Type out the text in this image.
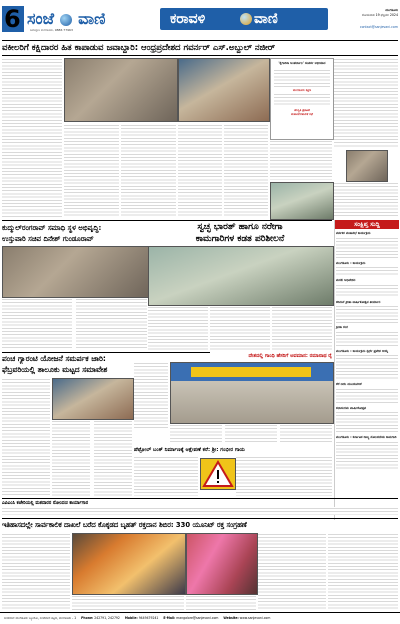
6 ಸಂಜೆ ವಾಣಿ
ಜವಾಬ್ದಾರಿ ಮಂಗಳೂರು, 9886 77963
ಕರಾವಳಿ	ವಾಣಿ
ಮಂಗಳೂರು
ಸೋಮವಾರ 19 ಫೆಬ್ರವರಿ 2024
contact@sanjevani.com
ವಕೀಲರಿಗೆ ಕಕ್ಷಿದಾರರ ಹಿತ ಕಾಪಾಡುವ ಜವಾಬ್ದಾರಿ: ಆಂಧ್ರಪ್ರದೇಶದ ಗವರ್ನರ್ ಎಸ್.ಅಬ್ದುಲ್ ನಜೀರ್
'ಕೈಗಾರಿಕಾ ಅಂತರ್ಜಾಲ' ಸಂಪರ್ಕ ಅಭಿಯಾನ
ಮಂಗಳೂರು ಶಿಕ್ಷಣ
ಪರಿಸ್ಥಿತಿ ಪ್ರಕಟಣೆ
ಮಹಾನಗರಪಾಲಿಕೆ ಸಭೆ
ಕುದ್ಮುಲ್‌ರಂಗರಾವ್ ಸಮಾಧಿ ಸ್ಥಳ ಅಭಿವೃದ್ಧಿ:
ಉಸ್ತುವಾರಿ ಸಚಿವ ದಿನೇಶ್ ಗುಂಡೂರಾವ್
ಸ್ವಚ್ಛ ಭಾರತ್ ಹಾಗೂ ನರೇಗಾ
ಕಾಮಗಾರಿಗಳ ಕಡತ ಪರಿಶೀಲನೆ
ಸಂಕ್ಷಿಪ್ತ ಸುದ್ದಿ
ವರ್ತಕರ ಮಹಾಸಭೆ ಕಾರ್ಯಕ್ರಮ
ಮಂಗಳೂರು : ಕಾರ್ಯಕ್ರಮ
ಮಳಲಿ ಅಧಿವೇಶನ
ಕರಿಮನೆ ಕ್ರೀಡಾ ವಾರ್ಷಿಕೋತ್ಸವ ತೀರ್ಮಾನ
ಕ್ರೀಡಾ ರಂಗ
ಮಂಗಳೂರು : ಕಾರ್ಯಕ್ರಮ ಸ್ಪರ್ಧೆ ಪ್ರವೇಶ ಆಯ್ಕೆ
ಕೆರೆ ನೀರು ಮುಂದುವರಿಕೆ
ಕಲಾಸಂಗಮ ವಾರ್ಷಿಕೋತ್ಸವ
ಮಂಗಳೂರು : ಕರ್ನಾಟಕ ರಾಜ್ಯ ನೋಂದಣಿಯ ಕಾಮಗಾರಿ
ಪಂಚ ಗ್ಯಾರಂಟಿ ಯೋಜನೆ ಸಮರ್ಪಕ ಜಾರಿ:
ಫೆಬ್ರವರಿಯಲ್ಲಿ ತಾಲೂಕು ಮಟ್ಟದ ಸಮಾವೇಶ
ದೇಶದಲ್ಲಿ ಗಾಂಧಿ ಹೆಸರಿಗೆ ಅವಮಾನ: ರಮಾನಾಥ ರೈ
ಪೆಟ್ರೋಲ್ ಬಂಕ್ ನಿರ್ಮಾಣಕ್ಕೆ ಆಕ್ಷೇಪಣೆ ಕರೆ: ಶ್ರೀ: ಗಂಭೀರ ಗಾಯ
ಎಪಿಎಂಸಿ ಕಚೇರಿಯಲ್ಲಿ ಮತದಾರರ ನೋಂದಣಿ ಕಾರ್ಯಾಗಾರ
ಇತಿಹಾಸದಲ್ಲೇ ಸಾರ್ವಕಾಲಿಕ ದಾಖಲೆ ಬರೆದ ಕೊಕ್ಕಡದ ಬೃಹತ್ ರಕ್ತದಾನ ಶಿಬಿರ: 330 ಯೂನಿಟ್ ರಕ್ತ ಸಂಗ್ರಹಣೆ
ಸಂಜೆವಾಣಿ ಮಂಗಳೂರು ಬ್ಯೂರೋ, ಸಂಜೆವಾಣಿ ಕಟ್ಟಡ, ಮಂಗಳೂರು - 1 Phone: 242791, 242792 Mobile: 9449479241 E-Mail: mangalore@sanjevani.com Website: www.sanjevani.com
